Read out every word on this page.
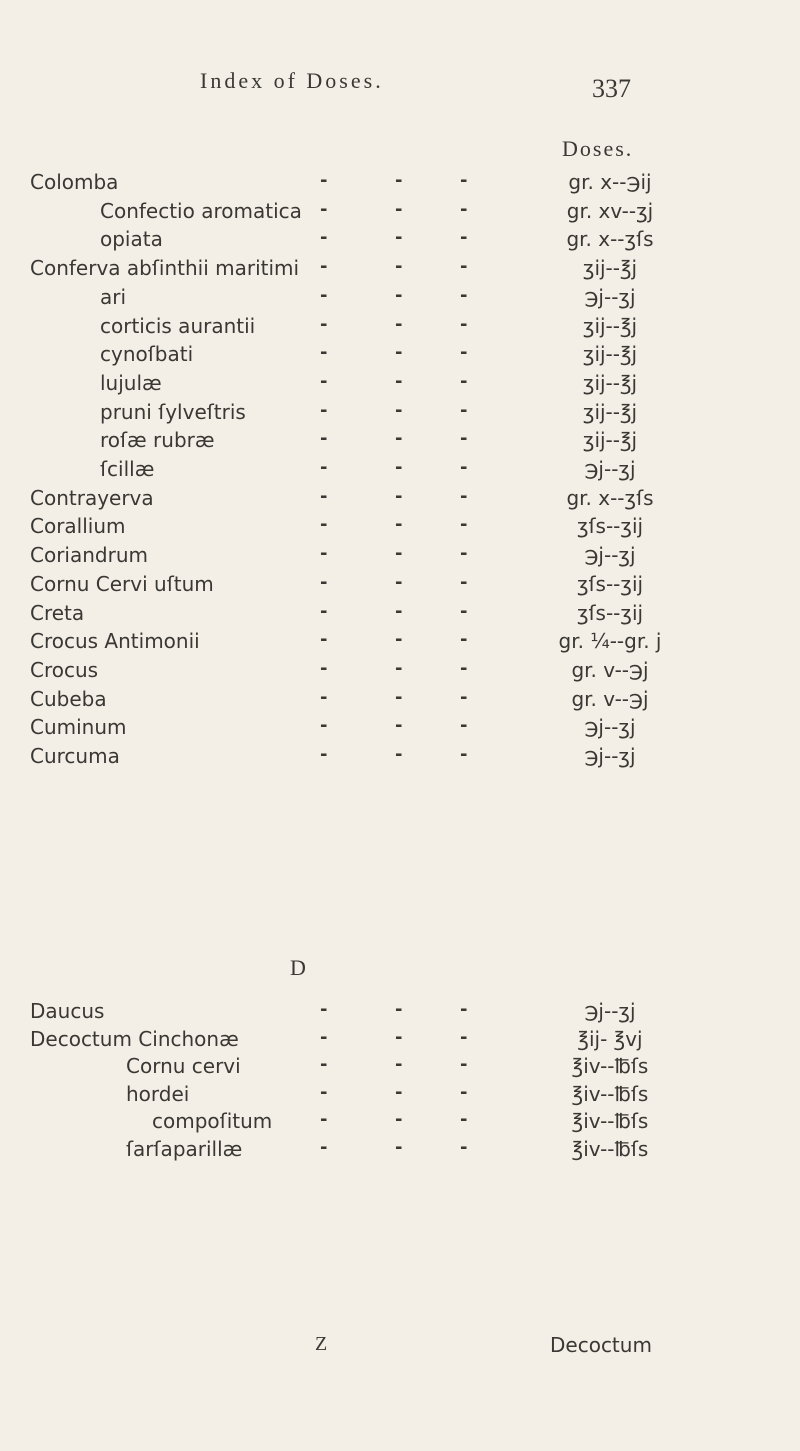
Index of Doses.	337
Doses.
Colomba	-	-	-	gr. x--℈ij
Confectio aromatica -	-	-	gr. xv--ʒj
opiata	-	-	-	gr. x--ʒſs
Conferva abſinthii maritimi -	-	-	ʒij--℥j
ari	-	-	-	℈j--ʒj
corticis aurantii	-	-	-	ʒij--℥j
cynoſbati	-	-	-	ʒij--℥j
lujulæ	-	-	-	ʒij--℥j
pruni ſylveſtris	-	-	-	ʒij--℥j
roſæ rubræ	-	-	-	ʒij--℥j
ſcillæ	-	-	-	℈j--ʒj
Contrayerva	-	-	-	gr. x--ʒſs
Corallium	-	-	-	ʒſs--ʒij
Coriandrum	-	-	-	℈j--ʒj
Cornu Cervi uſtum	-	-	-	ʒſs--ʒij
Creta	-	-	-	ʒſs--ʒij
Crocus Antimonii	-	-	-	gr. ¼--gr. j
Crocus	-	-	-	gr. v--℈j
Cubeba	-	-	-	gr. v--℈j
Cuminum	-	-	-	℈j--ʒj
Curcuma	-	-	-	℈j--ʒj
D
Daucus	-	-	-	℈j--ʒj
Decoctum Cinchonæ	-	-	-	℥ij- ℥vj
Cornu cervi	-	-	-	℥iv--℔ſs
hordei	-	-	-	℥iv--℔ſs
compoſitum	-	-	-	℥iv--℔ſs
ſarſaparillæ	-	-	-	℥iv--℔ſs
Z	Decoctum
